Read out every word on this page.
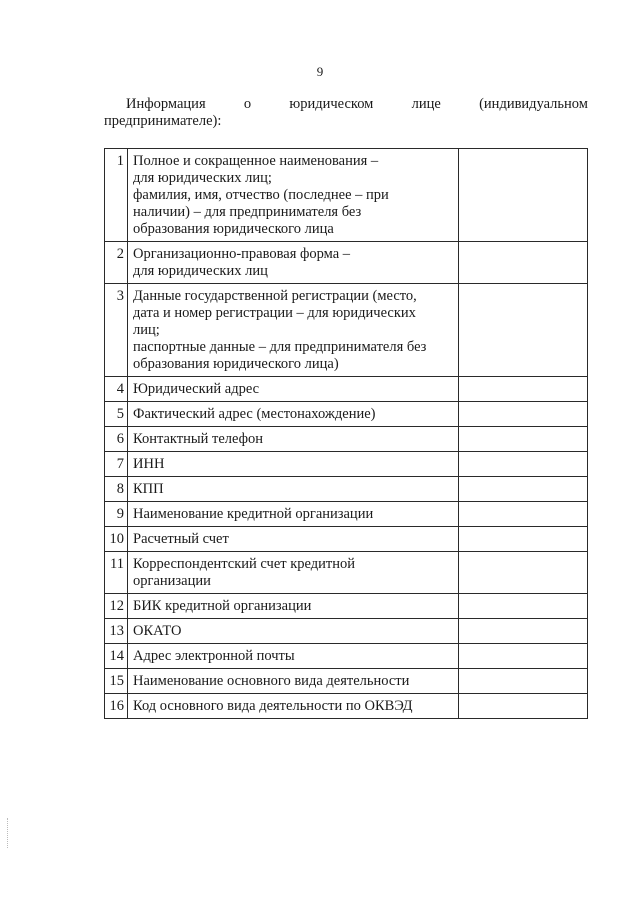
9
Информация	о	юридическом	лице	(индивидуальном
предпринимателе):
1	Полное и сокращенное наименования –
для юридических лиц;
фамилия, имя, отчество (последнее – при
наличии) – для предпринимателя без
образования юридического лица	
2	Организационно-правовая форма –
для юридических лиц	
3	Данные государственной регистрации (место,
дата и номер регистрации – для юридических
лиц;
паспортные данные – для предпринимателя без
образования юридического лица)	
4	Юридический адрес	
5	Фактический адрес (местонахождение)	
6	Контактный телефон	
7	ИНН	
8	КПП	
9	Наименование кредитной организации	
10	Расчетный счет	
11	Корреспондентский счет кредитной
организации	
12	БИК кредитной организации	
13	ОКАТО	
14	Адрес электронной почты	
15	Наименование основного вида деятельности	
16	Код основного вида деятельности по ОКВЭД	
